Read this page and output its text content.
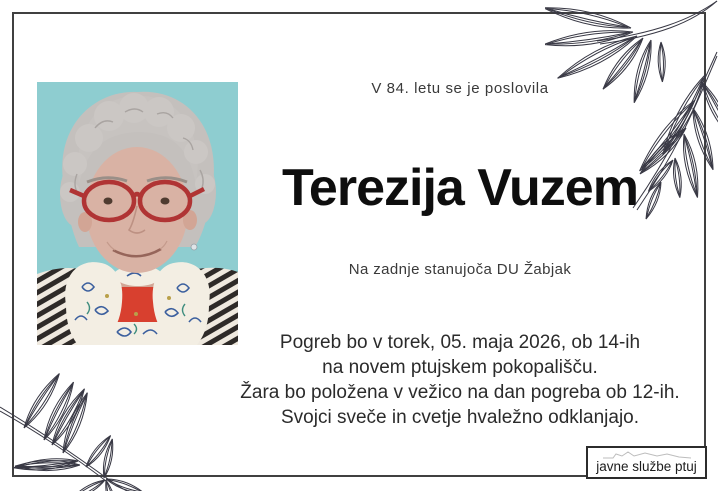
V 84. letu se je poslovila
Terezija Vuzem
Na zadnje stanujoča DU Žabjak
Pogreb bo v torek, 05. maja 2026, ob 14-ih
na novem ptujskem pokopališču.
Žara bo položena v vežico na dan pogreba ob 12-ih.
Svojci sveče in cvetje hvaležno odklanjajo.
javne službe ptuj
